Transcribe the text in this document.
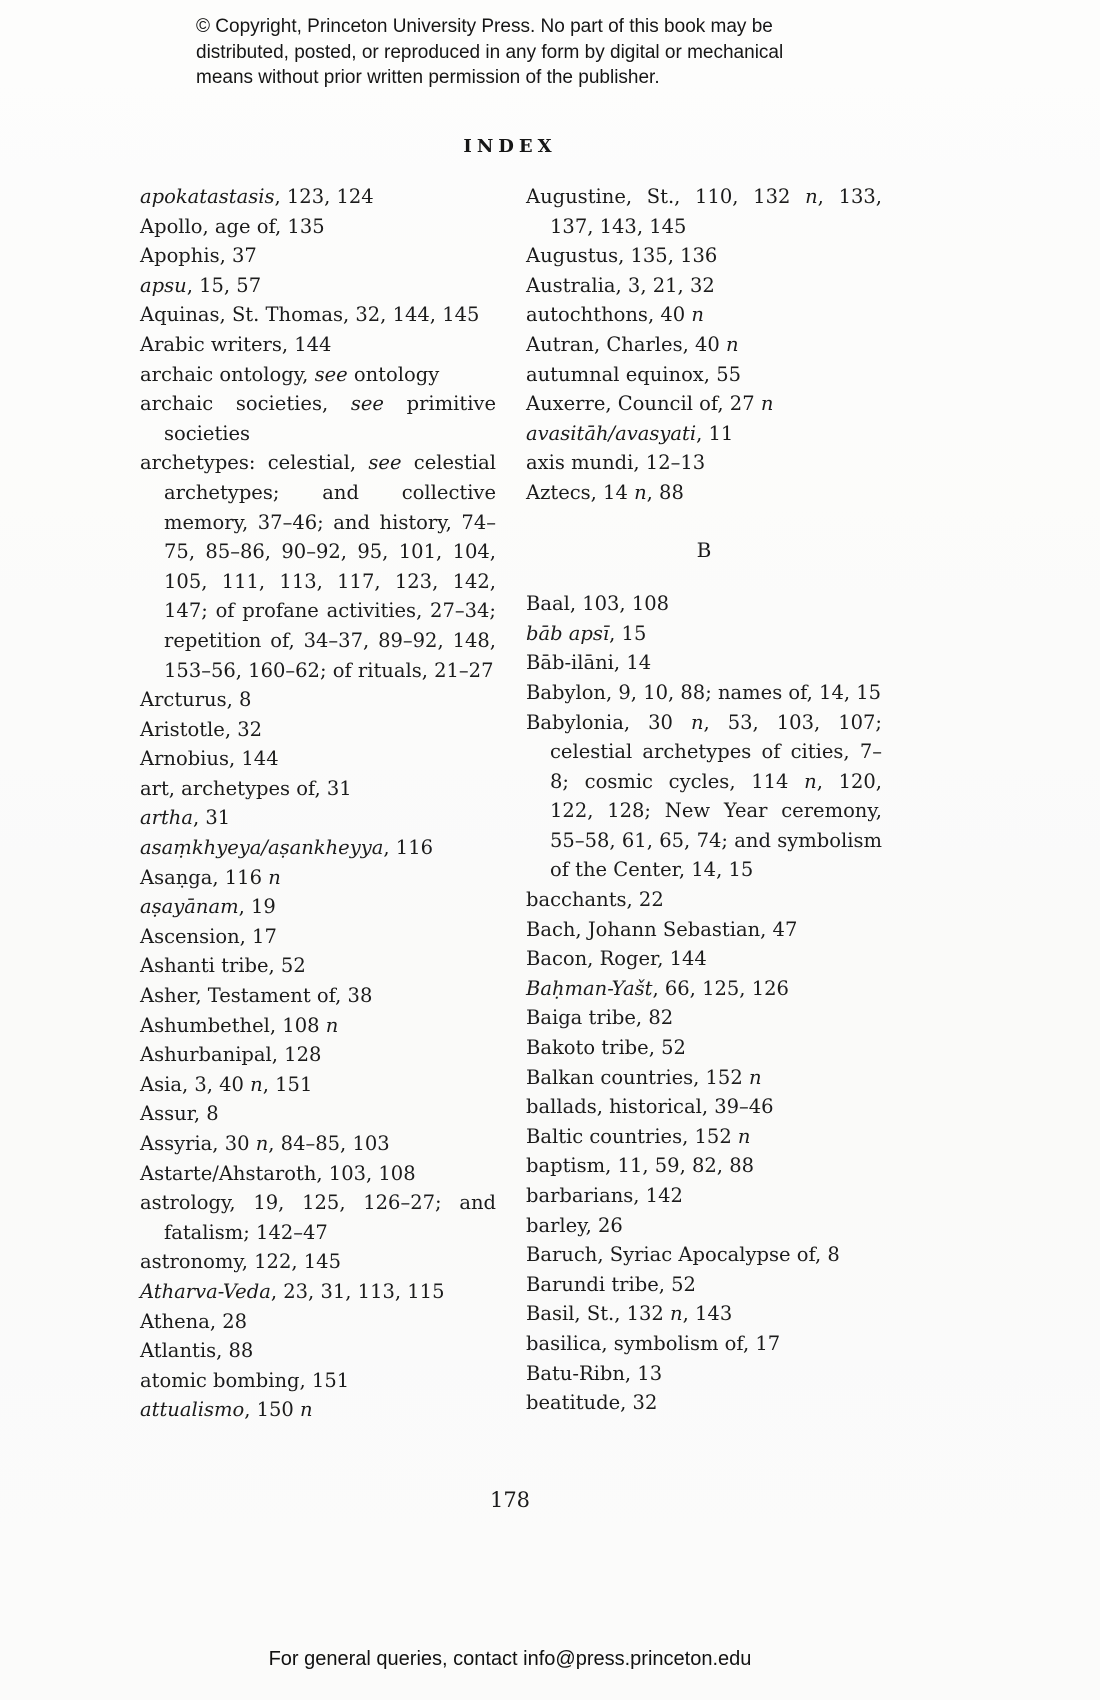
© Copyright, Princeton University Press. No part of this book may be
distributed, posted, or reproduced in any form by digital or mechanical
means without prior written permission of the publisher.
INDEX
apokatastasis, 123, 124
Apollo, age of, 135
Apophis, 37
apsu, 15, 57
Aquinas, St. Thomas, 32, 144, 145
Arabic writers, 144
archaic ontology, see ontology
archaic societies, see primitive societies
archetypes: celestial, see celestial archetypes; and collective memory, 37–46; and history, 74–75, 85–86, 90–92, 95, 101, 104, 105, 111, 113, 117, 123, 142, 147; of profane activities, 27–34; repetition of, 34–37, 89–92, 148, 153–56, 160–62; of rituals, 21–27
Arcturus, 8
Aristotle, 32
Arnobius, 144
art, archetypes of, 31
artha, 31
asaṃkhyeya/aṣankheyya, 116
Asaṇga, 116 n
aṣayānam, 19
Ascension, 17
Ashanti tribe, 52
Asher, Testament of, 38
Ashumbethel, 108 n
Ashurbanipal, 128
Asia, 3, 40 n, 151
Assur, 8
Assyria, 30 n, 84–85, 103
Astarte/Ahstaroth, 103, 108
astrology, 19, 125, 126–27; and fatalism; 142–47
astronomy, 122, 145
Atharva-Veda, 23, 31, 113, 115
Athena, 28
Atlantis, 88
atomic bombing, 151
attualismo, 150 n
Augustine, St., 110, 132 n, 133, 137, 143, 145
Augustus, 135, 136
Australia, 3, 21, 32
autochthons, 40 n
Autran, Charles, 40 n
autumnal equinox, 55
Auxerre, Council of, 27 n
avasitāh/avasyati, 11
axis mundi, 12–13
Aztecs, 14 n, 88
B
Baal, 103, 108
bāb apsī, 15
Bāb-ilāni, 14
Babylon, 9, 10, 88; names of, 14, 15
Babylonia, 30 n, 53, 103, 107; celestial archetypes of cities, 7–8; cosmic cycles, 114 n, 120, 122, 128; New Year ceremony, 55–58, 61, 65, 74; and symbolism of the Center, 14, 15
bacchants, 22
Bach, Johann Sebastian, 47
Bacon, Roger, 144
Baḥman-Yašt, 66, 125, 126
Baiga tribe, 82
Bakoto tribe, 52
Balkan countries, 152 n
ballads, historical, 39–46
Baltic countries, 152 n
baptism, 11, 59, 82, 88
barbarians, 142
barley, 26
Baruch, Syriac Apocalypse of, 8
Barundi tribe, 52
Basil, St., 132 n, 143
basilica, symbolism of, 17
Batu-Ribn, 13
beatitude, 32
178
For general queries, contact info@press.princeton.edu
